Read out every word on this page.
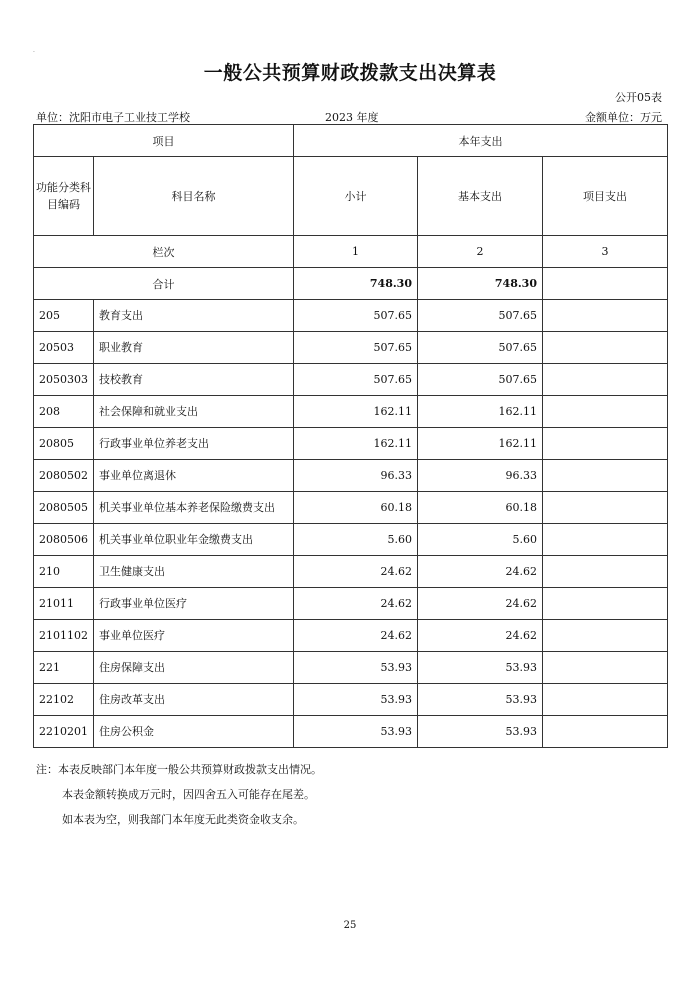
.
一般公共预算财政拨款支出决算表
公开05表
单位：沈阳市电子工业技工学校	2023 年度	金额单位：万元
项目		本年支出		
功能分类科目编码	科目名称	小计	基本支出	项目支出
栏次		1	2	3
合计		748.30	748.30	
205	教育支出	507.65	507.65	
20503	职业教育	507.65	507.65	
2050303	技校教育	507.65	507.65	
208	社会保障和就业支出	162.11	162.11	
20805	行政事业单位养老支出	162.11	162.11	
2080502	事业单位离退休	96.33	96.33	
2080505	机关事业单位基本养老保险缴费支出	60.18	60.18	
2080506	机关事业单位职业年金缴费支出	5.60	5.60	
210	卫生健康支出	24.62	24.62	
21011	行政事业单位医疗	24.62	24.62	
2101102	事业单位医疗	24.62	24.62	
221	住房保障支出	53.93	53.93	
22102	住房改革支出	53.93	53.93	
2210201	住房公积金	53.93	53.93	
注：本表反映部门本年度一般公共预算财政拨款支出情况。
本表金额转换成万元时，因四舍五入可能存在尾差。
如本表为空，则我部门本年度无此类资金收支余。
25
